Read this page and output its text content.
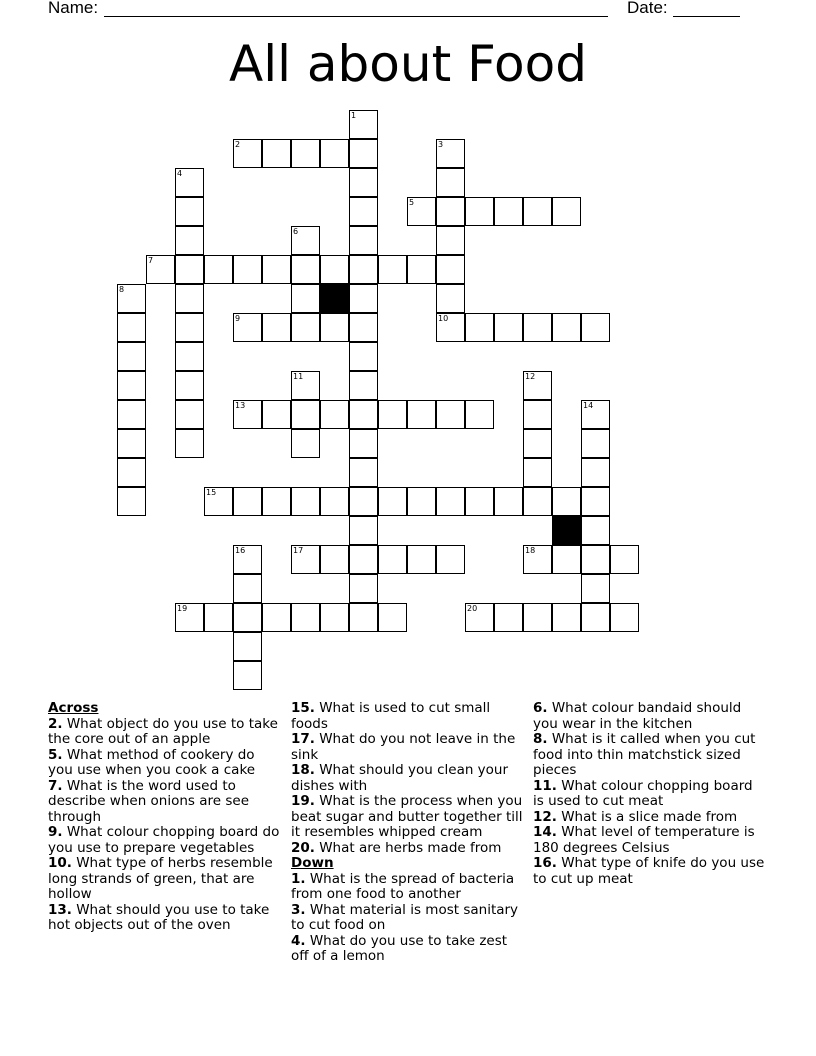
Name:	Date:
All about Food
1
2	3
4
5
6
7
8
9	10
11	12
13	14
15
16	17	18
19	20
Across
2. What object do you use to take the core out of an apple
5. What method of cookery do you use when you cook a cake
7. What is the word used to describe when onions are see through
9. What colour chopping board do you use to prepare vegetables
10. What type of herbs resemble long strands of green, that are hollow
13. What should you use to take hot objects out of the oven
15. What is used to cut small foods
17. What do you not leave in the sink
18. What should you clean your dishes with
19. What is the process when you beat sugar and butter together till it resembles whipped cream
20. What are herbs made from
Down
1. What is the spread of bacteria from one food to another
3. What material is most sanitary to cut food on
4. What do you use to take zest off of a lemon
6. What colour bandaid should you wear in the kitchen
8. What is it called when you cut food into thin matchstick sized pieces
11. What colour chopping board is used to cut meat
12. What is a slice made from
14. What level of temperature is 180 degrees Celsius
16. What type of knife do you use to cut up meat
